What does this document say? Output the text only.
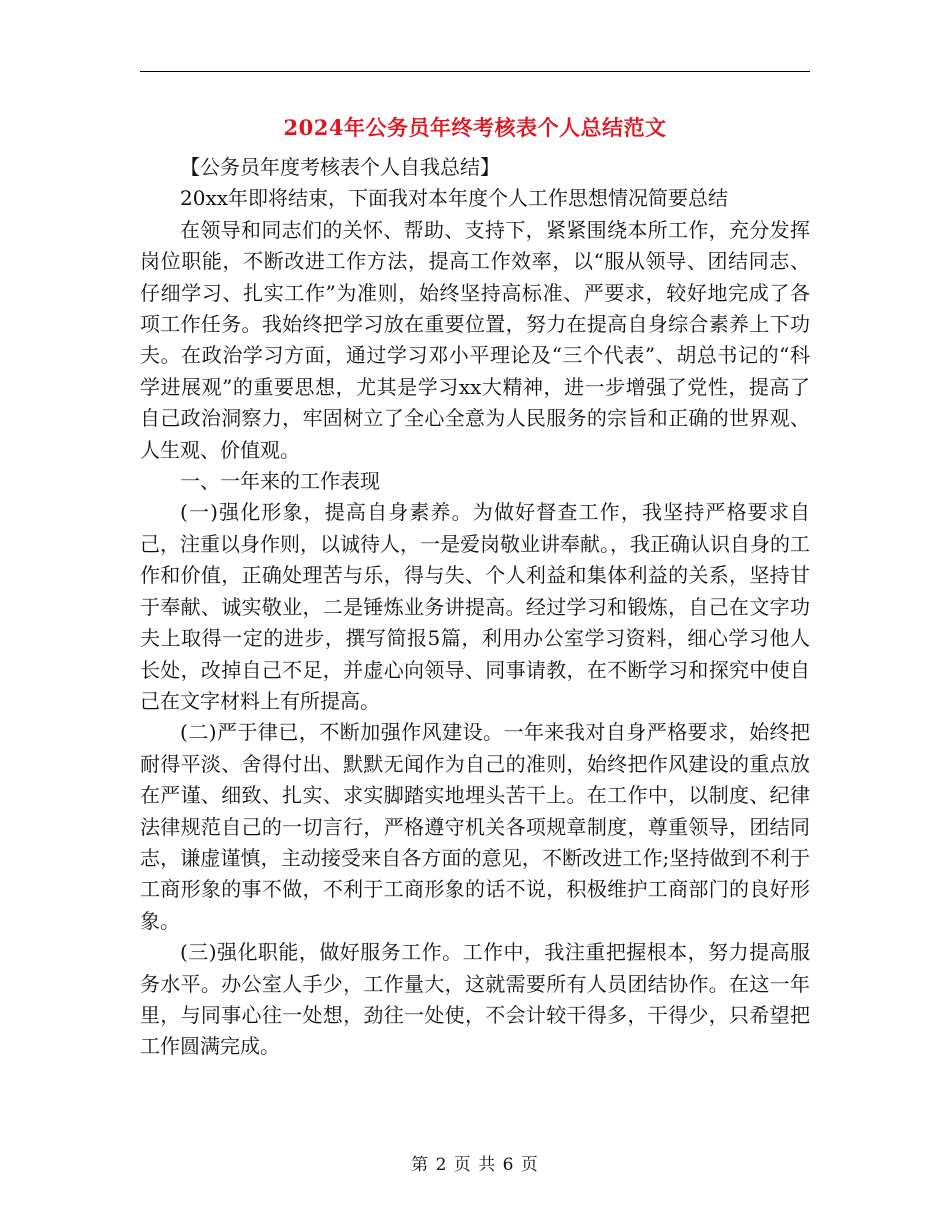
2024年公务员年终考核表个人总结范文

【公务员年度考核表个人自我总结】

20xx年即将结束，下面我对本年度个人工作思想情况简要总结

在领导和同志们的关怀、帮助、支持下，紧紧围绕本所工作，充分发挥岗位职能，不断改进工作方法，提高工作效率，以“服从领导、团结同志、仔细学习、扎实工作”为准则，始终坚持高标准、严要求，较好地完成了各项工作任务。我始终把学习放在重要位置，努力在提高自身综合素养上下功夫。在政治学习方面，通过学习邓小平理论及“三个代表”、胡总书记的“科学进展观”的重要思想，尤其是学习xx大精神，进一步增强了党性，提高了自己政治洞察力，牢固树立了全心全意为人民服务的宗旨和正确的世界观、人生观、价值观。

一、一年来的工作表现

(一)强化形象，提高自身素养。为做好督查工作，我坚持严格要求自己，注重以身作则，以诚待人，一是爱岗敬业讲奉献。，我正确认识自身的工作和价值，正确处理苦与乐，得与失、个人利益和集体利益的关系，坚持甘于奉献、诚实敬业，二是锤炼业务讲提高。经过学习和锻炼，自己在文字功夫上取得一定的进步，撰写简报5篇，利用办公室学习资料，细心学习他人长处，改掉自己不足，并虚心向领导、同事请教，在不断学习和探究中使自己在文字材料上有所提高。

(二)严于律已，不断加强作风建设。一年来我对自身严格要求，始终把耐得平淡、舍得付出、默默无闻作为自己的准则，始终把作风建设的重点放在严谨、细致、扎实、求实脚踏实地埋头苦干上。在工作中，以制度、纪律法律规范自己的一切言行，严格遵守机关各项规章制度，尊重领导，团结同志，谦虚谨慎，主动接受来自各方面的意见，不断改进工作;坚持做到不利于工商形象的事不做，不利于工商形象的话不说，积极维护工商部门的良好形象。

(三)强化职能，做好服务工作。工作中，我注重把握根本，努力提高服务水平。办公室人手少，工作量大，这就需要所有人员团结协作。在这一年里，与同事心往一处想，劲往一处使，不会计较干得多，干得少，只希望把工作圆满完成。

第 2 页 共 6 页
